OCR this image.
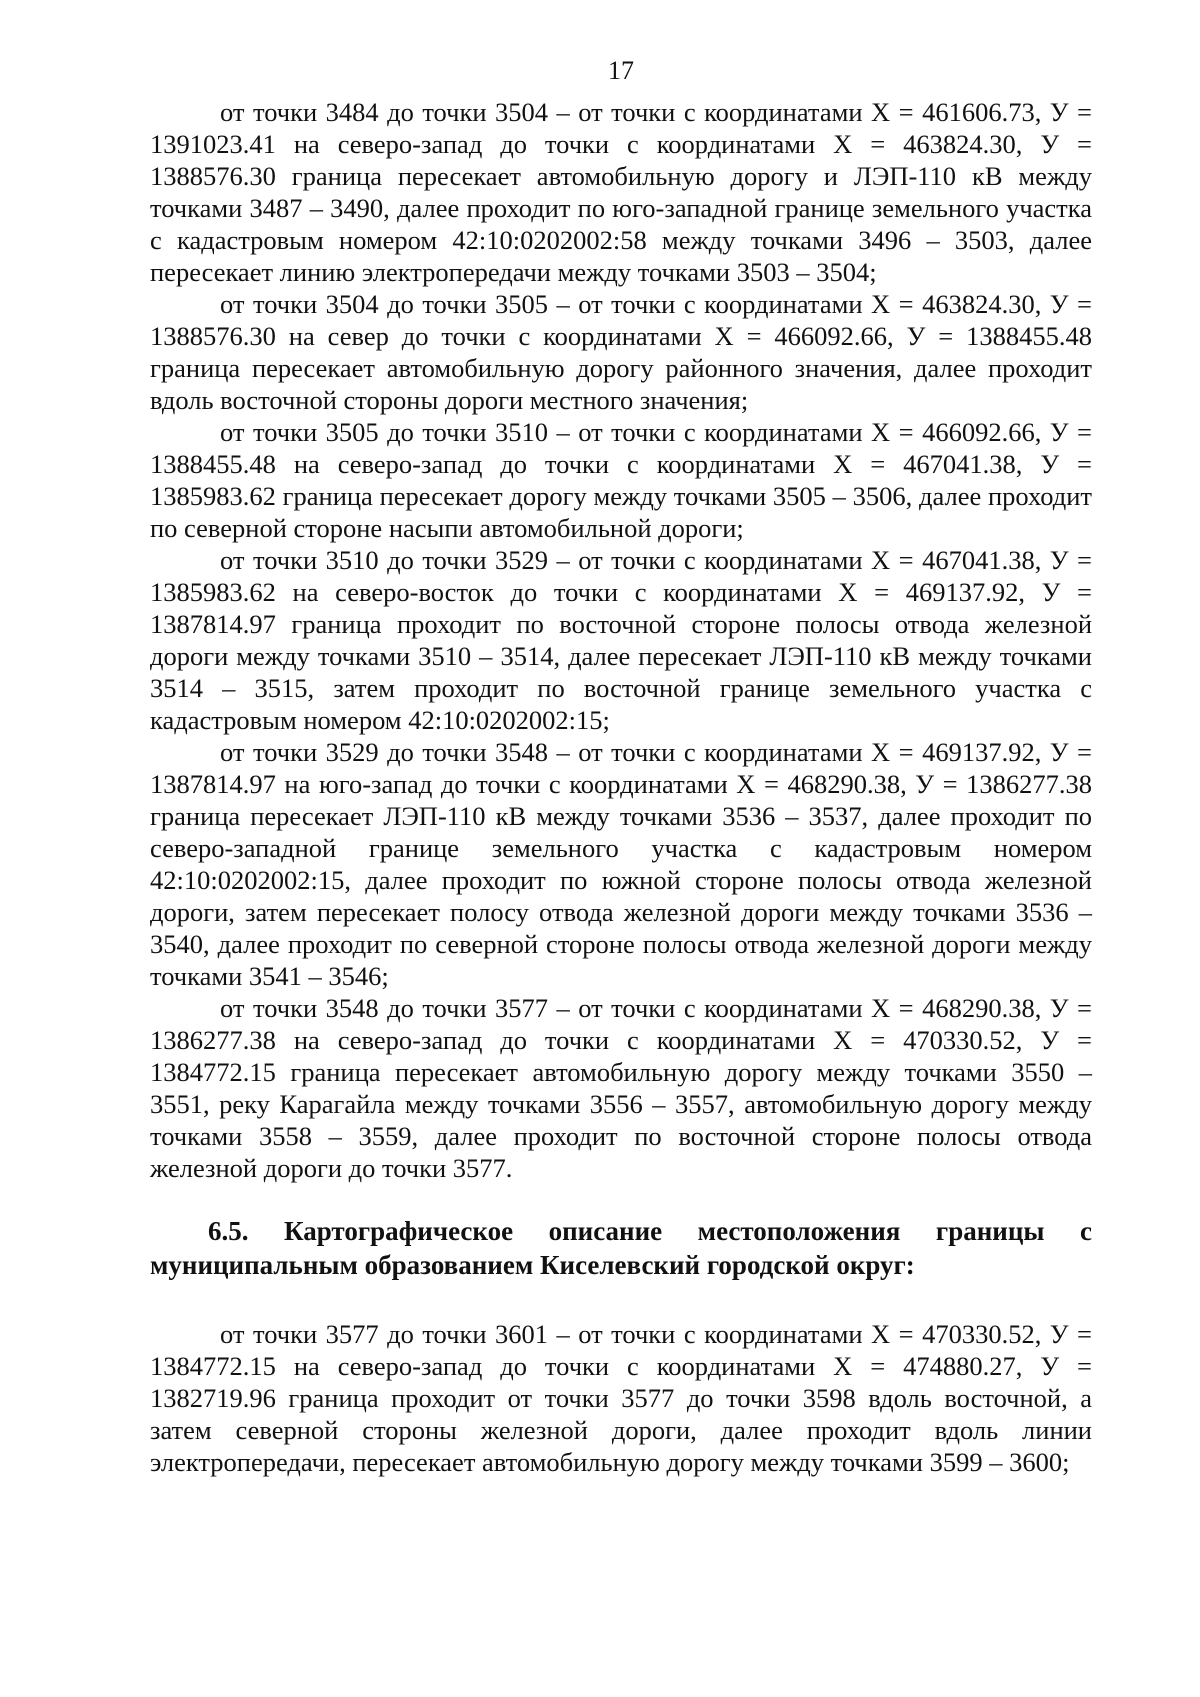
17

от точки 3484 до точки 3504 – от точки с координатами X = 461606.73, У = 1391023.41 на северо-запад до точки с координатами X = 463824.30, У = 1388576.30 граница пересекает автомобильную дорогу и ЛЭП-110 кВ между точками 3487 – 3490, далее проходит по юго-западной границе земельного участка с кадастровым номером 42:10:0202002:58 между точками 3496 – 3503, далее пересекает линию электропередачи между точками 3503 – 3504;

от точки 3504 до точки 3505 – от точки с координатами X = 463824.30, У = 1388576.30 на север до точки с координатами X = 466092.66, У = 1388455.48 граница пересекает автомобильную дорогу районного значения, далее проходит вдоль восточной стороны дороги местного значения;

от точки 3505 до точки 3510 – от точки с координатами X = 466092.66, У = 1388455.48 на северо-запад до точки с координатами X = 467041.38, У = 1385983.62 граница пересекает дорогу между точками 3505 – 3506, далее проходит по северной стороне насыпи автомобильной дороги;

от точки 3510 до точки 3529 – от точки с координатами X = 467041.38, У = 1385983.62 на северо-восток до точки с координатами X = 469137.92, У = 1387814.97 граница проходит по восточной стороне полосы отвода железной дороги между точками 3510 – 3514, далее пересекает ЛЭП-110 кВ между точками 3514 – 3515, затем проходит по восточной границе земельного участка с кадастровым номером 42:10:0202002:15;

от точки 3529 до точки 3548 – от точки с координатами X = 469137.92, У = 1387814.97 на юго-запад до точки с координатами X = 468290.38, У = 1386277.38 граница пересекает ЛЭП-110 кВ между точками 3536 – 3537, далее проходит по северо-западной границе земельного участка с кадастровым номером 42:10:0202002:15, далее проходит по южной стороне полосы отвода железной дороги, затем пересекает полосу отвода железной дороги между точками 3536 – 3540, далее проходит по северной стороне полосы отвода железной дороги между точками 3541 – 3546;

от точки 3548 до точки 3577 – от точки с координатами X = 468290.38, У = 1386277.38 на северо-запад до точки с координатами X = 470330.52, У = 1384772.15 граница пересекает автомобильную дорогу между точками 3550 – 3551, реку Карагайла между точками 3556 – 3557, автомобильную дорогу между точками 3558 – 3559, далее проходит по восточной стороне полосы отвода железной дороги до точки 3577.

6.5. Картографическое описание местоположения границы с муниципальным образованием Киселевский городской округ:

от точки 3577 до точки 3601 – от точки с координатами X = 470330.52, У = 1384772.15 на северо-запад до точки с координатами X = 474880.27, У = 1382719.96 граница проходит от точки 3577 до точки 3598 вдоль восточной, а затем северной стороны железной дороги, далее проходит вдоль линии электропередачи, пересекает автомобильную дорогу между точками 3599 – 3600;
